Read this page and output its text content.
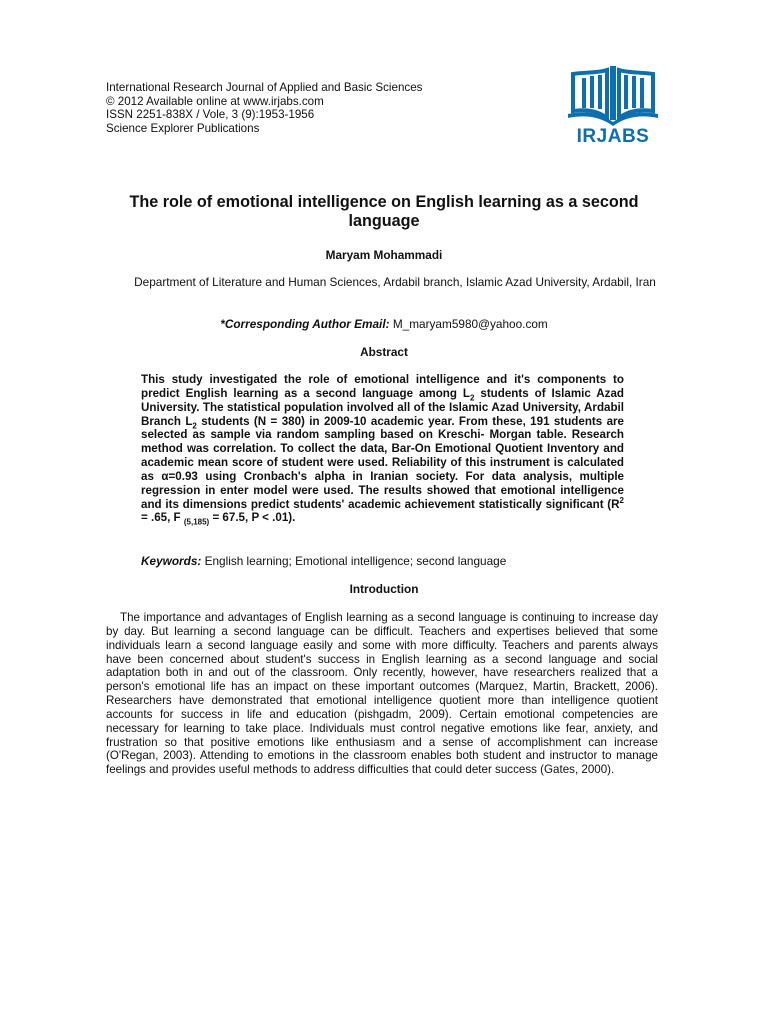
International Research Journal of Applied and Basic Sciences
© 2012 Available online at www.irjabs.com
ISSN 2251-838X / Vole, 3 (9):1953-1956
Science Explorer Publications	IRJABS
The role of emotional intelligence on English learning as a second language
Maryam Mohammadi
Department of Literature and Human Sciences, Ardabil branch, Islamic Azad University, Ardabil, Iran
*Corresponding Author Email: M_maryam5980@yahoo.com
Abstract
This study investigated the role of emotional intelligence and it's components to predict English learning as a second language among $L_2$ students of Islamic Azad University. The statistical population involved all of the Islamic Azad University, Ardabil Branch $L_2$ students (N = 380) in 2009-10 academic year. From these, 191 students are selected as sample via random sampling based on Kreschi- Morgan table. Research method was correlation. To collect the data, Bar-On Emotional Quotient Inventory and academic mean score of student were used. Reliability of this instrument is calculated as α=0.93 using Cronbach's alpha in Iranian society. For data analysis, multiple regression in enter model were used. The results showed that emotional intelligence and its dimensions predict students' academic achievement statistically significant ($R^2 = .65$, F $_{(5,185)}$ = 67.5, P < .01).
Keywords: English learning; Emotional intelligence; second language
Introduction
The importance and advantages of English learning as a second language is continuing to increase day by day. But learning a second language can be difficult. Teachers and expertises believed that some individuals learn a second language easily and some with more difficulty. Teachers and parents always have been concerned about student's success in English learning as a second language and social adaptation both in and out of the classroom. Only recently, however, have researchers realized that a person's emotional life has an impact on these important outcomes (Marquez, Martin, Brackett, 2006). Researchers have demonstrated that emotional intelligence quotient more than intelligence quotient accounts for success in life and education (pishgadm, 2009). Certain emotional competencies are necessary for learning to take place. Individuals must control negative emotions like fear, anxiety, and frustration so that positive emotions like enthusiasm and a sense of accomplishment can increase (O'Regan, 2003). Attending to emotions in the classroom enables both student and instructor to manage feelings and provides useful methods to address difficulties that could deter success (Gates, 2000).
